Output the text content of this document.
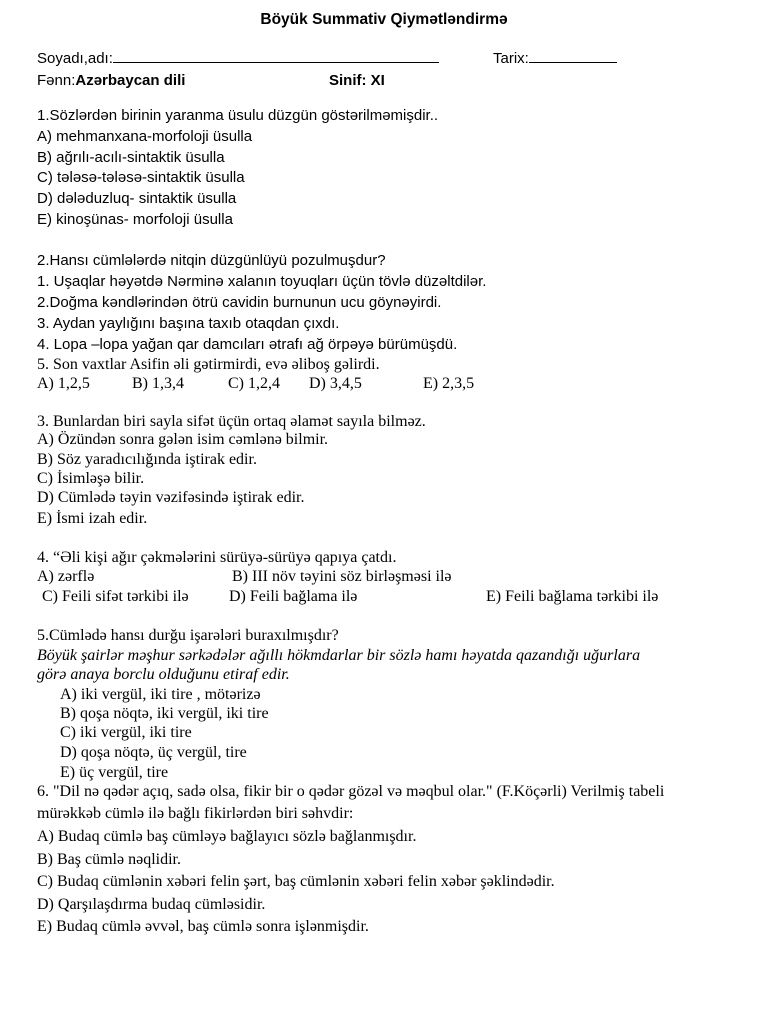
Böyük Summativ Qiymətləndirmə
Soyadı,adı:	Tarix:
Fənn:Azərbaycan dili	Sinif: XI
1.Sözlərdən birinin yaranma üsulu düzgün göstərilməmişdir..
A) mehmanxana-morfoloji üsulla
B) ağrılı-acılı-sintaktik üsulla
C) tələsə-tələsə-sintaktik üsulla
D) dələduzluq- sintaktik üsulla
E) kinoşünas- morfoloji üsulla
2.Hansı cümlələrdə nitqin düzgünlüyü pozulmuşdur?
1. Uşaqlar həyətdə Nərminə xalanın toyuqları üçün tövlə düzəltdilər.
2.Doğma kəndlərindən ötrü cavidin burnunun ucu göynəyirdi.
3. Aydan yaylığını başına taxıb otaqdan çıxdı.
4. Lopa –lopa yağan qar damcıları ətrafı ağ örpəyə bürümüşdü.
5. Son vaxtlar Asifin əli gətirmirdi, evə əliboş gəlirdi.
A) 1,2,5	B) 1,3,4	C) 1,2,4 D) 3,4,5	E) 2,3,5
3. Bunlardan biri sayla sifət üçün ortaq əlamət sayıla bilməz.
A) Özündən sonra gələn isim cəmlənə bilmir.
B) Söz yaradıcılığında iştirak edir.
C) İsimləşə bilir.
D) Cümlədə təyin vəzifəsində iştirak edir.
E) İsmi izah edir.
4. “Əli kişi ağır çəkmələrini sürüyə-sürüyə qapıya çatdı.
A) zərflə	B) III növ təyini söz birləşməsi ilə
C) Feili sifət tərkibi ilə	D) Feili bağlama ilə	E) Feili bağlama tərkibi ilə
5.Cümlədə hansı durğu işarələri buraxılmışdır?
Böyük şairlər məşhur sərkədələr ağıllı hökmdarlar bir sözlə hamı həyatda qazandığı uğurlara
görə anaya borclu olduğunu etiraf edir.
A) iki vergül, iki tire , mötərizə
B) qoşa nöqtə, iki vergül, iki tire
C) iki vergül, iki tire
D) qoşa nöqtə, üç vergül, tire
E) üç vergül, tire
6. "Dil nə qədər açıq, sadə olsa, fikir bir o qədər gözəl və məqbul olar." (F.Köçərli) Verilmiş tabeli
mürəkkəb cümlə ilə bağlı fikirlərdən biri səhvdir:
A) Budaq cümlə baş cümləyə bağlayıcı sözlə bağlanmışdır.
B) Baş cümlə nəqlidir.
C) Budaq cümlənin xəbəri felin şərt, baş cümlənin xəbəri felin xəbər şəklindədir.
D) Qarşılaşdırma budaq cümləsidir.
E) Budaq cümlə əvvəl, baş cümlə sonra işlənmişdir.
